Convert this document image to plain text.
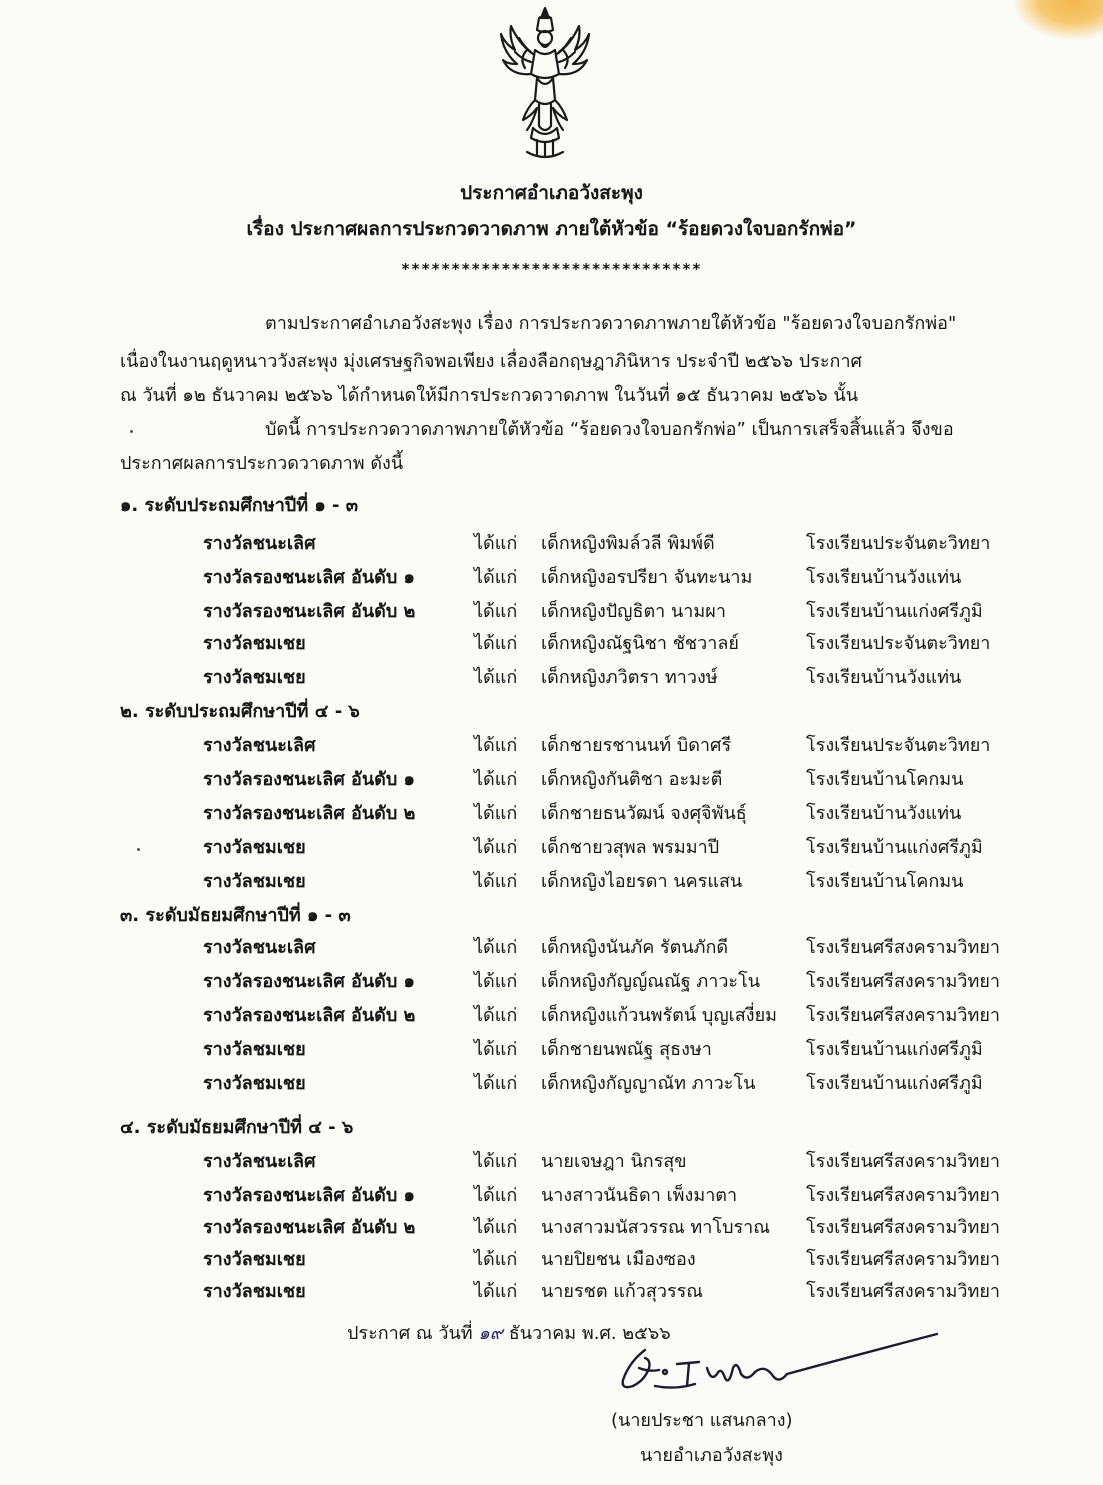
ประกาศอำเภอวังสะพุง
เรื่อง ประกาศผลการประกวดวาดภาพ ภายใต้หัวข้อ “ร้อยดวงใจบอกรักพ่อ”
******************************
ตามประกาศอำเภอวังสะพุง เรื่อง การประกวดวาดภาพภายใต้หัวข้อ "ร้อยดวงใจบอกรักพ่อ"
เนื่องในงานฤดูหนาววังสะพุง มุ่งเศรษฐกิจพอเพียง เลื่องลือกฤษฎาภินิหาร ประจำปี ๒๕๖๖ ประกาศ
ณ วันที่ ๑๒ ธันวาคม ๒๕๖๖ ได้กำหนดให้มีการประกวดวาดภาพ ในวันที่ ๑๕ ธันวาคม ๒๕๖๖ นั้น
บัดนี้ การประกวดวาดภาพภายใต้หัวข้อ “ร้อยดวงใจบอกรักพ่อ” เป็นการเสร็จสิ้นแล้ว จึงขอ
ประกาศผลการประกวดวาดภาพ ดังนี้
๑. ระดับประถมศึกษาปีที่ ๑ - ๓
รางวัลชนะเลิศ	ได้แก่ เด็กหญิงพิมล์วลี พิมพ์ดี	โรงเรียนประจันตะวิทยา
รางวัลรองชนะเลิศ อันดับ ๑	ได้แก่ เด็กหญิงอรปรียา จันทะนาม	โรงเรียนบ้านวังแท่น
รางวัลรองชนะเลิศ อันดับ ๒	ได้แก่ เด็กหญิงปัญธิตา นามผา	โรงเรียนบ้านแก่งศรีภูมิ
รางวัลชมเชย	ได้แก่ เด็กหญิงณัฐนิชา ชัชวาลย์	โรงเรียนประจันตะวิทยา
รางวัลชมเชย	ได้แก่ เด็กหญิงภวิตรา ทาวงษ์	โรงเรียนบ้านวังแท่น
๒. ระดับประถมศึกษาปีที่ ๔ - ๖
รางวัลชนะเลิศ	ได้แก่ เด็กชายรชานนท์ บิดาศรี	โรงเรียนประจันตะวิทยา
รางวัลรองชนะเลิศ อันดับ ๑	ได้แก่ เด็กหญิงกันติชา อะมะตี	โรงเรียนบ้านโคกมน
รางวัลรองชนะเลิศ อันดับ ๒	ได้แก่ เด็กชายธนวัฒน์ จงศุจิพันธุ์	โรงเรียนบ้านวังแท่น
รางวัลชมเชย	ได้แก่ เด็กชายวสุพล พรมมาปี	โรงเรียนบ้านแก่งศรีภูมิ
รางวัลชมเชย	ได้แก่ เด็กหญิงไอยรดา นครแสน	โรงเรียนบ้านโคกมน
๓. ระดับมัธยมศึกษาปีที่ ๑ - ๓
รางวัลชนะเลิศ	ได้แก่ เด็กหญิงนันภัค รัตนภักดี	โรงเรียนศรีสงครามวิทยา
รางวัลรองชนะเลิศ อันดับ ๑	ได้แก่ เด็กหญิงกัญญ์ณณัฐ ภาวะโน	โรงเรียนศรีสงครามวิทยา
รางวัลรองชนะเลิศ อันดับ ๒	ได้แก่ เด็กหญิงแก้วนพรัตน์ บุญเสงี่ยม โรงเรียนศรีสงครามวิทยา
รางวัลชมเชย	ได้แก่ เด็กชายนพณัฐ สุธงษา	โรงเรียนบ้านแก่งศรีภูมิ
รางวัลชมเชย	ได้แก่ เด็กหญิงกัญญาณัท ภาวะโน	โรงเรียนบ้านแก่งศรีภูมิ
๔. ระดับมัธยมศึกษาปีที่ ๔ - ๖
รางวัลชนะเลิศ	ได้แก่ นายเจษฎา นิกรสุข	โรงเรียนศรีสงครามวิทยา
รางวัลรองชนะเลิศ อันดับ ๑	ได้แก่ นางสาวนันธิดา เพ็งมาตา	โรงเรียนศรีสงครามวิทยา
รางวัลรองชนะเลิศ อันดับ ๒	ได้แก่ นางสาวมนัสวรรณ ทาโบราณ โรงเรียนศรีสงครามวิทยา
รางวัลชมเชย	ได้แก่ นายปิยชน เมืองซอง	โรงเรียนศรีสงครามวิทยา
รางวัลชมเชย	ได้แก่ นายรชต แก้วสุวรรณ	โรงเรียนศรีสงครามวิทยา
ประกาศ ณ วันที่ ๑๙ ธันวาคม พ.ศ. ๒๕๖๖
(นายประชา แสนกลาง)
นายอำเภอวังสะพุง
